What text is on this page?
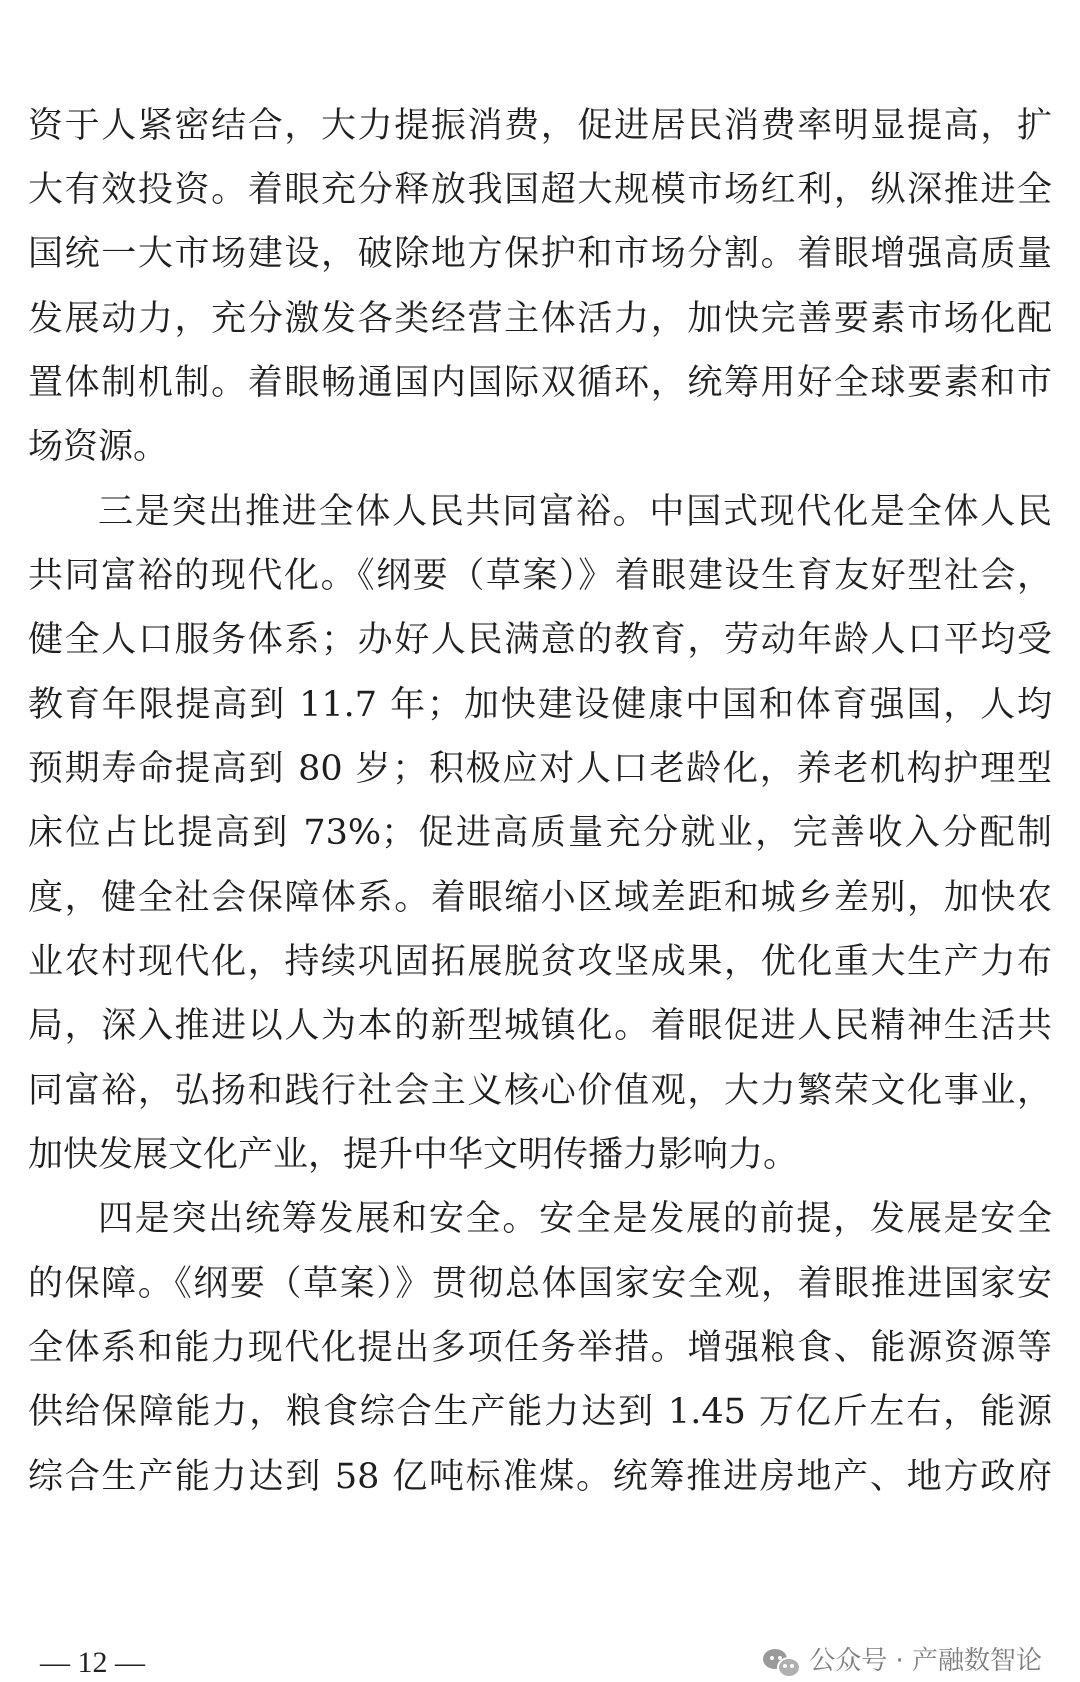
资于人紧密结合，大力提振消费，促进居民消费率明显提高，扩
大有效投资。着眼充分释放我国超大规模市场红利，纵深推进全
国统一大市场建设，破除地方保护和市场分割。着眼增强高质量
发展动力，充分激发各类经营主体活力，加快完善要素市场化配
置体制机制。着眼畅通国内国际双循环，统筹用好全球要素和市
场资源。
三是突出推进全体人民共同富裕。中国式现代化是全体人民
共同富裕的现代化。《纲要（草案）》着眼建设生育友好型社会，
健全人口服务体系；办好人民满意的教育，劳动年龄人口平均受
教育年限提高到 11.7 年；加快建设健康中国和体育强国，人均
预期寿命提高到 80 岁；积极应对人口老龄化，养老机构护理型
床位占比提高到 73%；促进高质量充分就业，完善收入分配制
度，健全社会保障体系。着眼缩小区域差距和城乡差别，加快农
业农村现代化，持续巩固拓展脱贫攻坚成果，优化重大生产力布
局，深入推进以人为本的新型城镇化。着眼促进人民精神生活共
同富裕，弘扬和践行社会主义核心价值观，大力繁荣文化事业，
加快发展文化产业，提升中华文明传播力影响力。
四是突出统筹发展和安全。安全是发展的前提，发展是安全
的保障。《纲要（草案）》贯彻总体国家安全观，着眼推进国家安
全体系和能力现代化提出多项任务举措。增强粮食、能源资源等
供给保障能力，粮食综合生产能力达到 1.45 万亿斤左右，能源
综合生产能力达到 58 亿吨标准煤。统筹推进房地产、地方政府
— 12 —	公众号 · 产融数智论
